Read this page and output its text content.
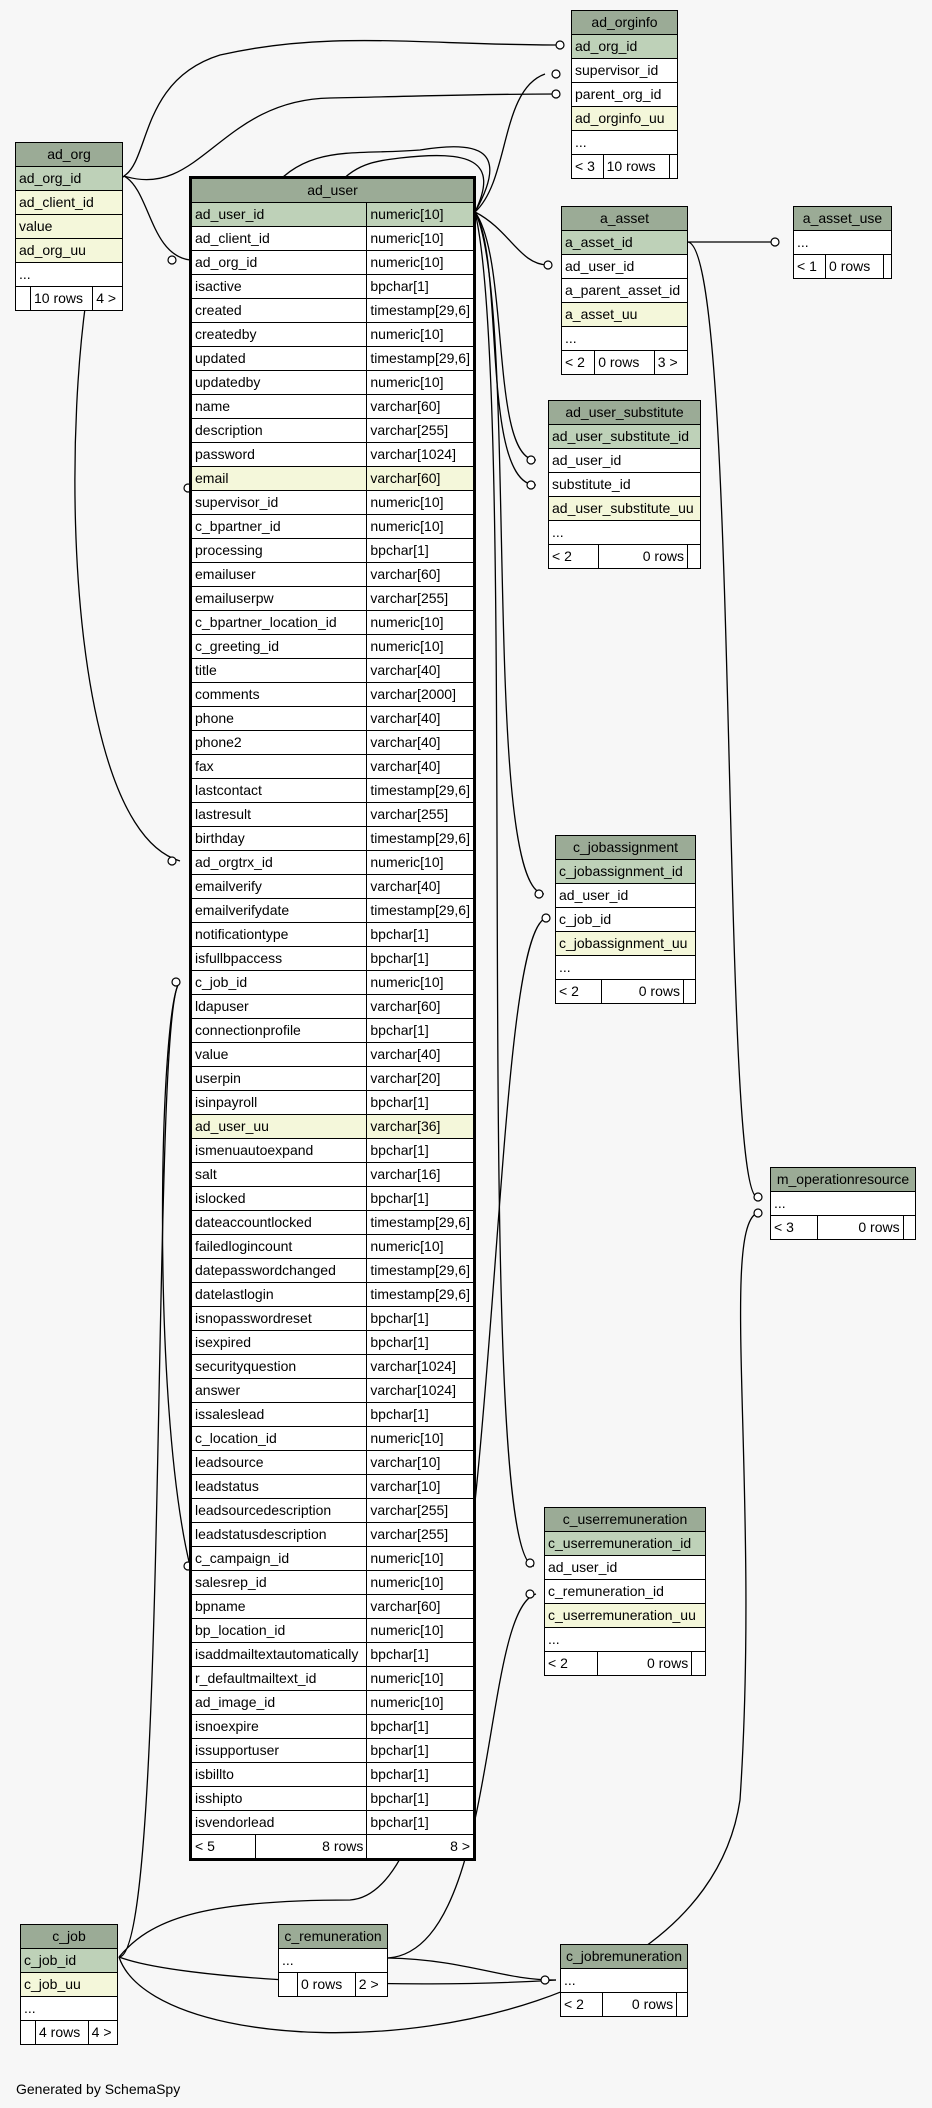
ad_orginfo
ad_org_id
supervisor_id
parent_org_id
ad_orginfo_uu
...
< 3	10 rows	
ad_org
ad_org_id
ad_client_id
value
ad_org_uu
...
	10 rows	4 >
ad_user		
ad_user_id		numeric[10]
ad_client_id		numeric[10]
ad_org_id		numeric[10]
isactive		bpchar[1]
created		timestamp[29,6]
createdby		numeric[10]
updated		timestamp[29,6]
updatedby		numeric[10]
name		varchar[60]
description		varchar[255]
password		varchar[1024]
email		varchar[60]
supervisor_id		numeric[10]
c_bpartner_id		numeric[10]
processing		bpchar[1]
emailuser		varchar[60]
emailuserpw		varchar[255]
c_bpartner_location_id		numeric[10]
c_greeting_id		numeric[10]
title		varchar[40]
comments		varchar[2000]
phone		varchar[40]
phone2		varchar[40]
fax		varchar[40]
lastcontact		timestamp[29,6]
lastresult		varchar[255]
birthday		timestamp[29,6]
ad_orgtrx_id		numeric[10]
emailverify		varchar[40]
emailverifydate		timestamp[29,6]
notificationtype		bpchar[1]
isfullbpaccess		bpchar[1]
c_job_id		numeric[10]
ldapuser		varchar[60]
connectionprofile		bpchar[1]
value		varchar[40]
userpin		varchar[20]
isinpayroll		bpchar[1]
ad_user_uu		varchar[36]
ismenuautoexpand		bpchar[1]
salt		varchar[16]
islocked		bpchar[1]
dateaccountlocked		timestamp[29,6]
failedlogincount		numeric[10]
datepasswordchanged		timestamp[29,6]
datelastlogin		timestamp[29,6]
isnopasswordreset		bpchar[1]
isexpired		bpchar[1]
securityquestion		varchar[1024]
answer		varchar[1024]
issaleslead		bpchar[1]
c_location_id		numeric[10]
leadsource		varchar[10]
leadstatus		varchar[10]
leadsourcedescription		varchar[255]
leadstatusdescription		varchar[255]
c_campaign_id		numeric[10]
salesrep_id		numeric[10]
bpname		varchar[60]
bp_location_id		numeric[10]
isaddmailtextautomatically		bpchar[1]
r_defaultmailtext_id		numeric[10]
ad_image_id		numeric[10]
isnoexpire		bpchar[1]
issupportuser		bpchar[1]
isbillto		bpchar[1]
isshipto		bpchar[1]
isvendorlead		bpchar[1]
< 5	8 rows	8 >
a_asset
a_asset_id
ad_user_id
a_parent_asset_id
a_asset_uu
...
< 2	0 rows	3 >
a_asset_use
...
< 1	0 rows	
ad_user_substitute
ad_user_substitute_id
ad_user_id
substitute_id
ad_user_substitute_uu
...
< 2	0 rows	
c_jobassignment
c_jobassignment_id
ad_user_id
c_job_id
c_jobassignment_uu
...
< 2	0 rows	
m_operationresource
...
< 3	0 rows	
c_userremuneration
c_userremuneration_id
ad_user_id
c_remuneration_id
c_userremuneration_uu
...
< 2	0 rows	
c_job
c_job_id
c_job_uu
...
	4 rows	4 >
c_remuneration
...
	0 rows	2 >
c_jobremuneration
...
< 2	0 rows	
Generated by SchemaSpy
